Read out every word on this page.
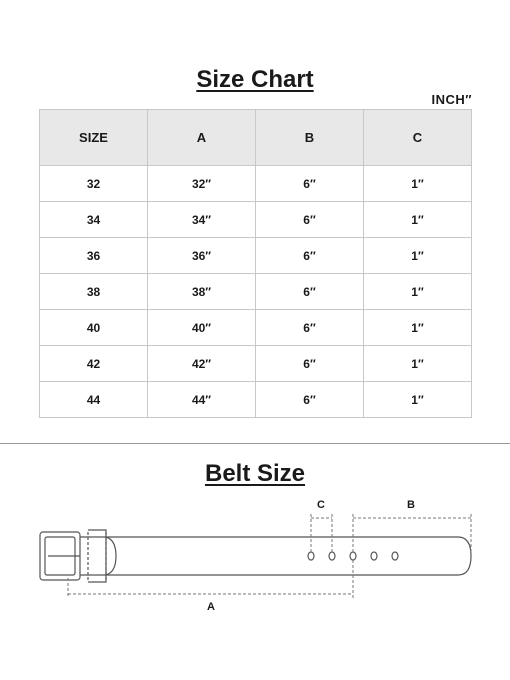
Size Chart
INCH″
SIZE	A	B	C
32	32″	6″	1″
34	34″	6″	1″
36	36″	6″	1″
38	38″	6″	1″
40	40″	6″	1″
42	42″	6″	1″
44	44″	6″	1″
Belt Size
C	B
A
